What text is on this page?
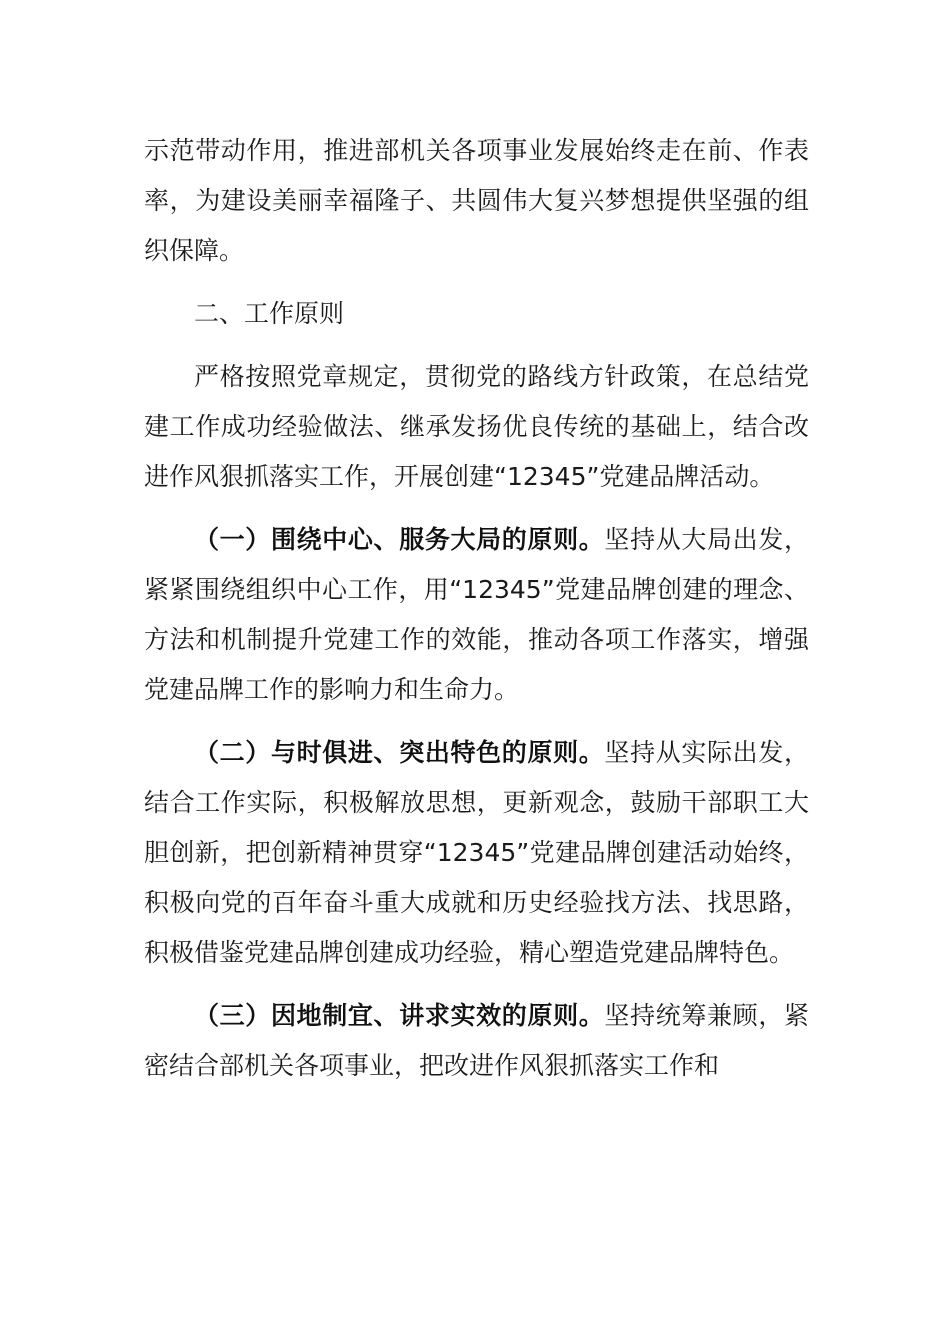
示范带动作用，推进部机关各项事业发展始终走在前、作表率，为建设美丽幸福隆子、共圆伟大复兴梦想提供坚强的组织保障。

二、工作原则

严格按照党章规定，贯彻党的路线方针政策，在总结党建工作成功经验做法、继承发扬优良传统的基础上，结合改进作风狠抓落实工作，开展创建“12345”党建品牌活动。

（一）围绕中心、服务大局的原则。坚持从大局出发，紧紧围绕组织中心工作，用“12345”党建品牌创建的理念、方法和机制提升党建工作的效能，推动各项工作落实，增强党建品牌工作的影响力和生命力。

（二）与时俱进、突出特色的原则。坚持从实际出发，结合工作实际，积极解放思想，更新观念，鼓励干部职工大胆创新，把创新精神贯穿“12345”党建品牌创建活动始终，积极向党的百年奋斗重大成就和历史经验找方法、找思路，积极借鉴党建品牌创建成功经验，精心塑造党建品牌特色。

（三）因地制宜、讲求实效的原则。坚持统筹兼顾，紧密结合部机关各项事业，把改进作风狠抓落实工作和
